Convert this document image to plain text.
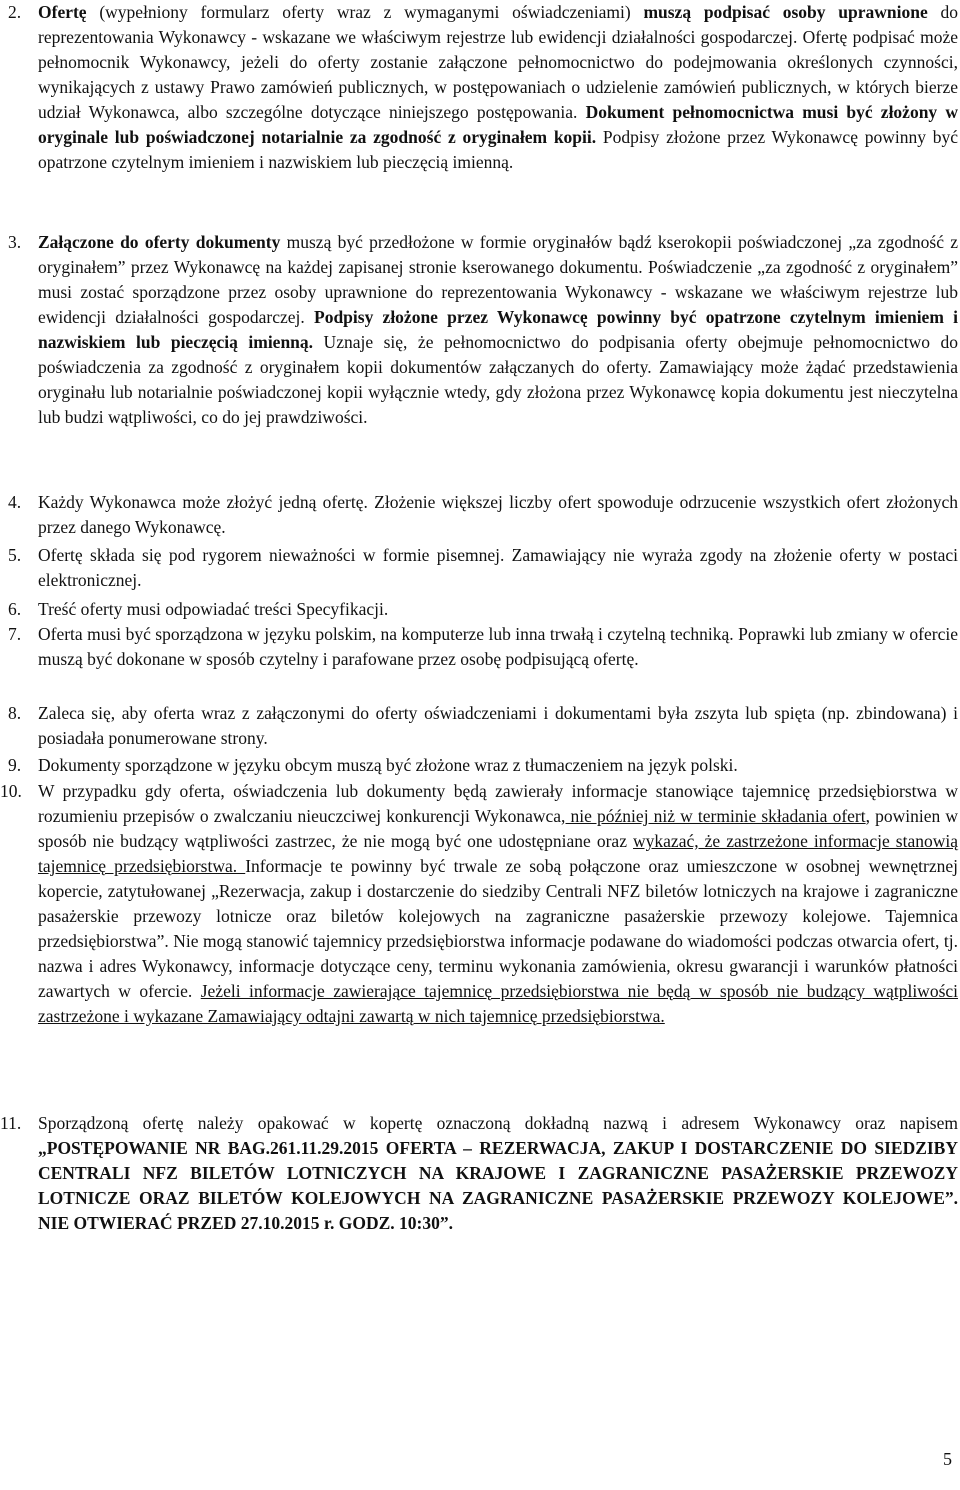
2. Ofertę (wypełniony formularz oferty wraz z wymaganymi oświadczeniami) muszą podpisać osoby uprawnione do reprezentowania Wykonawcy - wskazane we właściwym rejestrze lub ewidencji działalności gospodarczej. Ofertę podpisać może pełnomocnik Wykonawcy, jeżeli do oferty zostanie załączone pełnomocnictwo do podejmowania określonych czynności, wynikających z ustawy Prawo zamówień publicznych, w postępowaniach o udzielenie zamówień publicznych, w których bierze udział Wykonawca, albo szczególne dotyczące niniejszego postępowania. Dokument pełnomocnictwa musi być złożony w oryginale lub poświadczonej notarialnie za zgodność z oryginałem kopii. Podpisy złożone przez Wykonawcę powinny być opatrzone czytelnym imieniem i nazwiskiem lub pieczęcią imienną.

3. Załączone do oferty dokumenty muszą być przedłożone w formie oryginałów bądź kserokopii poświadczonej „za zgodność z oryginałem” przez Wykonawcę na każdej zapisanej stronie kserowanego dokumentu. Poświadczenie „za zgodność z oryginałem” musi zostać sporządzone przez osoby uprawnione do reprezentowania Wykonawcy - wskazane we właściwym rejestrze lub ewidencji działalności gospodarczej. Podpisy złożone przez Wykonawcę powinny być opatrzone czytelnym imieniem i nazwiskiem lub pieczęcią imienną. Uznaje się, że pełnomocnictwo do podpisania oferty obejmuje pełnomocnictwo do poświadczenia za zgodność z oryginałem kopii dokumentów załączanych do oferty. Zamawiający może żądać przedstawienia oryginału lub notarialnie poświadczonej kopii wyłącznie wtedy, gdy złożona przez Wykonawcę kopia dokumentu jest nieczytelna lub budzi wątpliwości, co do jej prawdziwości.

4. Każdy Wykonawca może złożyć jedną ofertę. Złożenie większej liczby ofert spowoduje odrzucenie wszystkich ofert złożonych przez danego Wykonawcę.

5. Ofertę składa się pod rygorem nieważności w formie pisemnej. Zamawiający nie wyraża zgody na złożenie oferty w postaci elektronicznej.

6. Treść oferty musi odpowiadać treści Specyfikacji.

7. Oferta musi być sporządzona w języku polskim, na komputerze lub inna trwałą i czytelną techniką. Poprawki lub zmiany w ofercie muszą być dokonane w sposób czytelny i parafowane przez osobę podpisującą ofertę.

8. Zaleca się, aby oferta wraz z załączonymi do oferty oświadczeniami i dokumentami była zszyta lub spięta (np. zbindowana) i posiadała ponumerowane strony.

9. Dokumenty sporządzone w języku obcym muszą być złożone wraz z tłumaczeniem na język polski.

10. W przypadku gdy oferta, oświadczenia lub dokumenty będą zawierały informacje stanowiące tajemnicę przedsiębiorstwa w rozumieniu przepisów o zwalczaniu nieuczciwej konkurencji Wykonawca, nie później niż w terminie składania ofert, powinien w sposób nie budzący wątpliwości zastrzec, że nie mogą być one udostępniane oraz wykazać, że zastrzeżone informacje stanowią tajemnicę przedsiębiorstwa. Informacje te powinny być trwale ze sobą połączone oraz umieszczone w osobnej wewnętrznej kopercie, zatytułowanej „Rezerwacja, zakup i dostarczenie do siedziby Centrali NFZ biletów lotniczych na krajowe i zagraniczne pasażerskie przewozy lotnicze oraz biletów kolejowych na zagraniczne pasażerskie przewozy kolejowe. Tajemnica przedsiębiorstwa”. Nie mogą stanowić tajemnicy przedsiębiorstwa informacje podawane do wiadomości podczas otwarcia ofert, tj. nazwa i adres Wykonawcy, informacje dotyczące ceny, terminu wykonania zamówienia, okresu gwarancji i warunków płatności zawartych w ofercie. Jeżeli informacje zawierające tajemnicę przedsiębiorstwa nie będą w sposób nie budzący wątpliwości zastrzeżone i wykazane Zamawiający odtajni zawartą w nich tajemnicę przedsiębiorstwa.

11. Sporządzoną ofertę należy opakować w kopertę oznaczoną dokładną nazwą i adresem Wykonawcy oraz napisem „POSTĘPOWANIE NR BAG.261.11.29.2015 OFERTA – REZERWACJA, ZAKUP I DOSTARCZENIE DO SIEDZIBY CENTRALI NFZ BILETÓW LOTNICZYCH NA KRAJOWE I ZAGRANICZNE PASAŻERSKIE PRZEWOZY LOTNICZE ORAZ BILETÓW KOLEJOWYCH NA ZAGRANICZNE PASAŻERSKIE PRZEWOZY KOLEJOWE”. NIE OTWIERAĆ PRZED 27.10.2015 r. GODZ. 10:30”.

5
